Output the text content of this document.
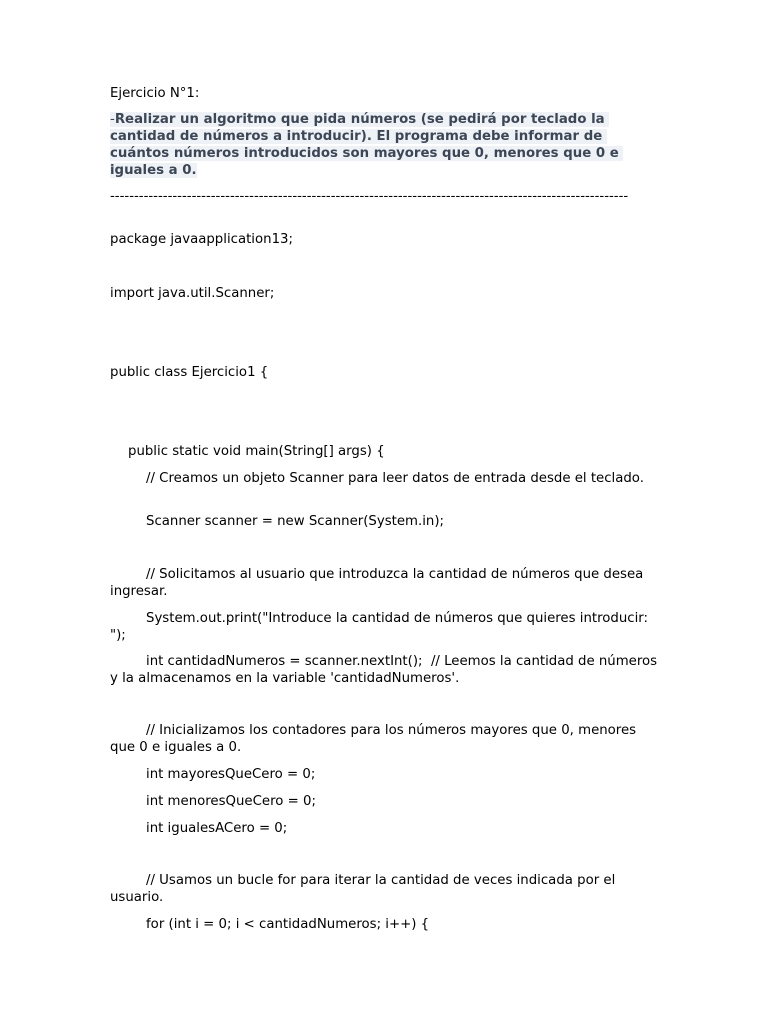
Ejercicio N°1:
-Realizar un algoritmo que pida números (se pedirá por teclado la cantidad de números a introducir). El programa debe informar de cuántos números introducidos son mayores que 0, menores que 0 e iguales a 0.
------------------------------------------------------------------------------------------------------------
package javaapplication13;
import java.util.Scanner;
public class Ejercicio1 {
public static void main(String[] args) {
// Creamos un objeto Scanner para leer datos de entrada desde el teclado.
Scanner scanner = new Scanner(System.in);
// Solicitamos al usuario que introduzca la cantidad de números que desea ingresar.
System.out.print("Introduce la cantidad de números que quieres introducir: ");
int cantidadNumeros = scanner.nextInt();  // Leemos la cantidad de números y la almacenamos en la variable 'cantidadNumeros'.
// Inicializamos los contadores para los números mayores que 0, menores que 0 e iguales a 0.
int mayoresQueCero = 0;
int menoresQueCero = 0;
int igualesACero = 0;
// Usamos un bucle for para iterar la cantidad de veces indicada por el usuario.
for (int i = 0; i < cantidadNumeros; i++) {
